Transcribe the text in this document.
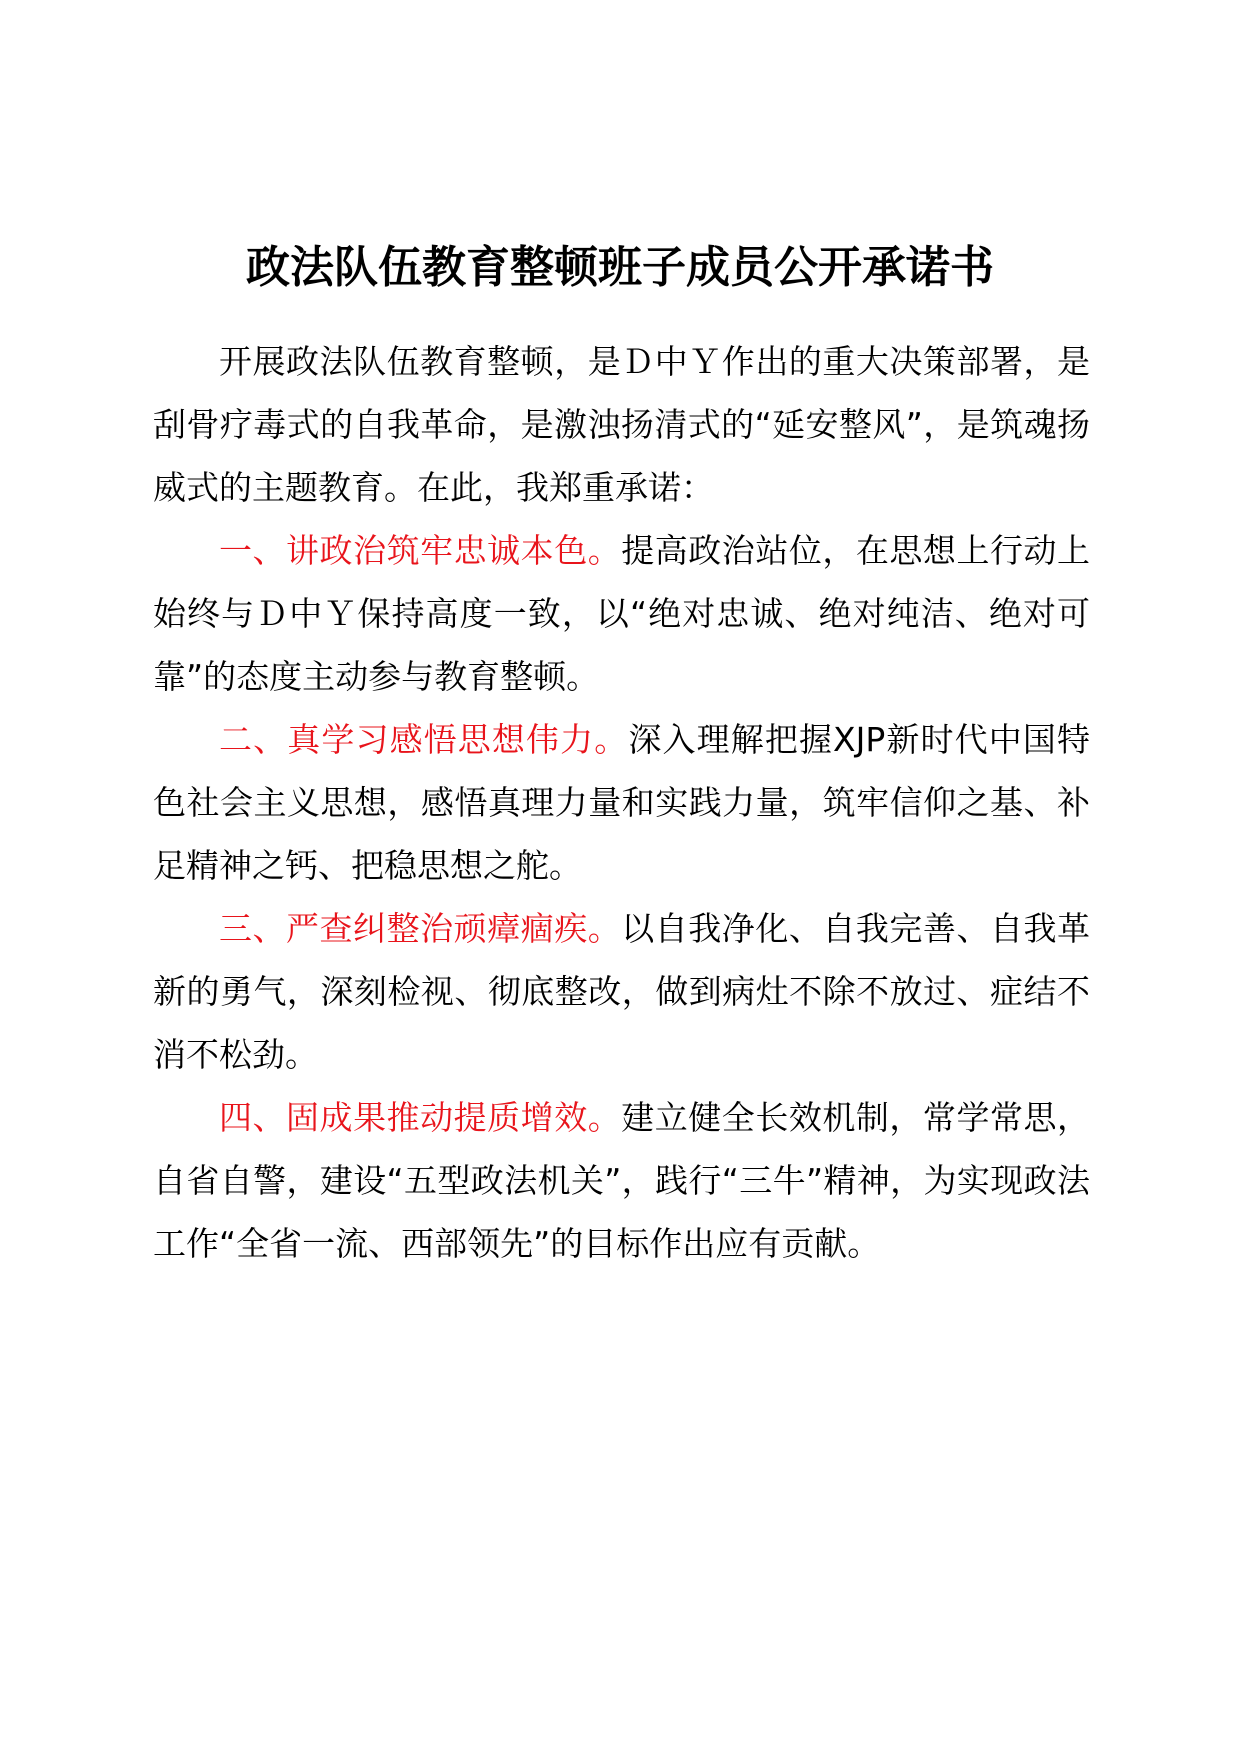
政法队伍教育整顿班子成员公开承诺书

开展政法队伍教育整顿，是Ｄ中Ｙ作出的重大决策部署，是刮骨疗毒式的自我革命，是激浊扬清式的“延安整风”，是筑魂扬威式的主题教育。在此，我郑重承诺：

一、讲政治筑牢忠诚本色。提高政治站位，在思想上行动上始终与Ｄ中Ｙ保持高度一致，以“绝对忠诚、绝对纯洁、绝对可靠”的态度主动参与教育整顿。

二、真学习感悟思想伟力。深入理解把握XJP新时代中国特色社会主义思想，感悟真理力量和实践力量，筑牢信仰之基、补足精神之钙、把稳思想之舵。

三、严查纠整治顽瘴痼疾。以自我净化、自我完善、自我革新的勇气，深刻检视、彻底整改，做到病灶不除不放过、症结不消不松劲。

四、固成果推动提质增效。建立健全长效机制，常学常思，自省自警，建设“五型政法机关”，践行“三牛”精神，为实现政法工作“全省一流、西部领先”的目标作出应有贡献。
